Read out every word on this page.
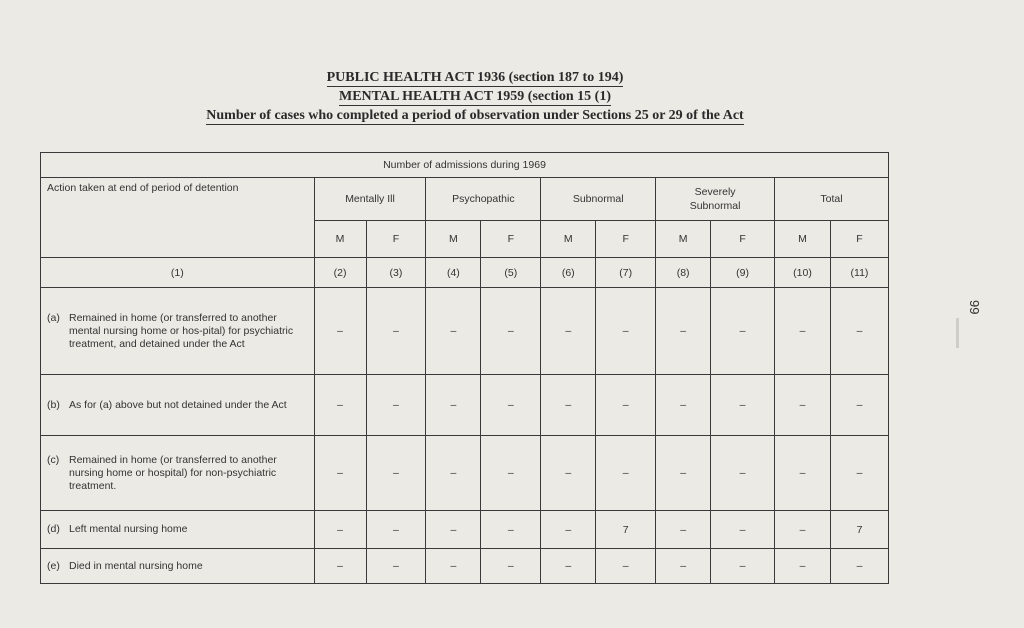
PUBLIC HEALTH ACT 1936 (section 187 to 194)
MENTAL HEALTH ACT 1959 (section 15 (1)
Number of cases who completed a period of observation under Sections 25 or 29 of the Act
Number of admissions during 1969										
Action taken at end of period of detention	Mentally Ill		Psychopathic		Subnormal		Severely Subnormal		Total	
	M	F	M	F	M	F	M	F	M	F
(1)	(2)	(3)	(4)	(5)	(6)	(7)	(8)	(9)	(10)	(11)

(a) Remained in home (or transferred to another mental nursing home or hos-pital) for psychiatric treatment, and detained under the Act	–	–	–	–	–	–	–	–	–	–

(b) As for (a) above but not detained under the Act	–	–	–	–	–	–	–	–	–	–

(c) Remained in home (or transferred to another nursing home or hospital) for non-psychiatric treatment.	–	–	–	–	–	–	–	–	–	–

(d) Left mental nursing home	–	–	–	–	–	7	–	–	–	7

(e) Died in mental nursing home	–	–	–	–	–	–	–	–	–	–
99
